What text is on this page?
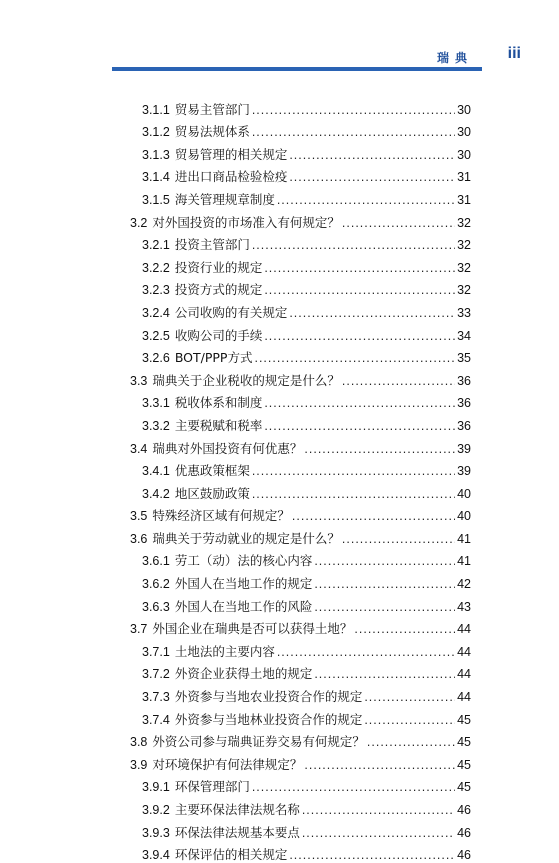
瑞典 iii
3.1.1 贸易主管部门 .....	30
3.1.2 贸易法规体系 .....	30
3.1.3 贸易管理的相关规定 .....	30
3.1.4 进出口商品检验检疫 .....	31
3.1.5 海关管理规章制度 .....	31
3.2 对外国投资的市场准入有何规定？ .....	32
3.2.1 投资主管部门 .....	32
3.2.2 投资行业的规定 .....	32
3.2.3 投资方式的规定 .....	32
3.2.4 公司收购的有关规定 .....	33
3.2.5 收购公司的手续 .....	34
3.2.6 BOT/PPP方式 .....	35
3.3 瑞典关于企业税收的规定是什么？ .....	36
3.3.1 税收体系和制度 .....	36
3.3.2 主要税赋和税率 .....	36
3.4 瑞典对外国投资有何优惠？ .....	39
3.4.1 优惠政策框架 .....	39
3.4.2 地区鼓励政策 .....	40
3.5 特殊经济区域有何规定？ .....	40
3.6 瑞典关于劳动就业的规定是什么？ .....	41
3.6.1 劳工（动）法的核心内容 .....	41
3.6.2 外国人在当地工作的规定 .....	42
3.6.3 外国人在当地工作的风险 .....	43
3.7 外国企业在瑞典是否可以获得土地？ .....	44
3.7.1 土地法的主要内容 .....	44
3.7.2 外资企业获得土地的规定 .....	44
3.7.3 外资参与当地农业投资合作的规定 .....	44
3.7.4 外资参与当地林业投资合作的规定 .....	45
3.8 外资公司参与瑞典证券交易有何规定？ .....	45
3.9 对环境保护有何法律规定？ .....	45
3.9.1 环保管理部门 .....	45
3.9.2 主要环保法律法规名称 .....	46
3.9.3 环保法律法规基本要点 .....	46
3.9.4 环保评估的相关规定 .....	46
